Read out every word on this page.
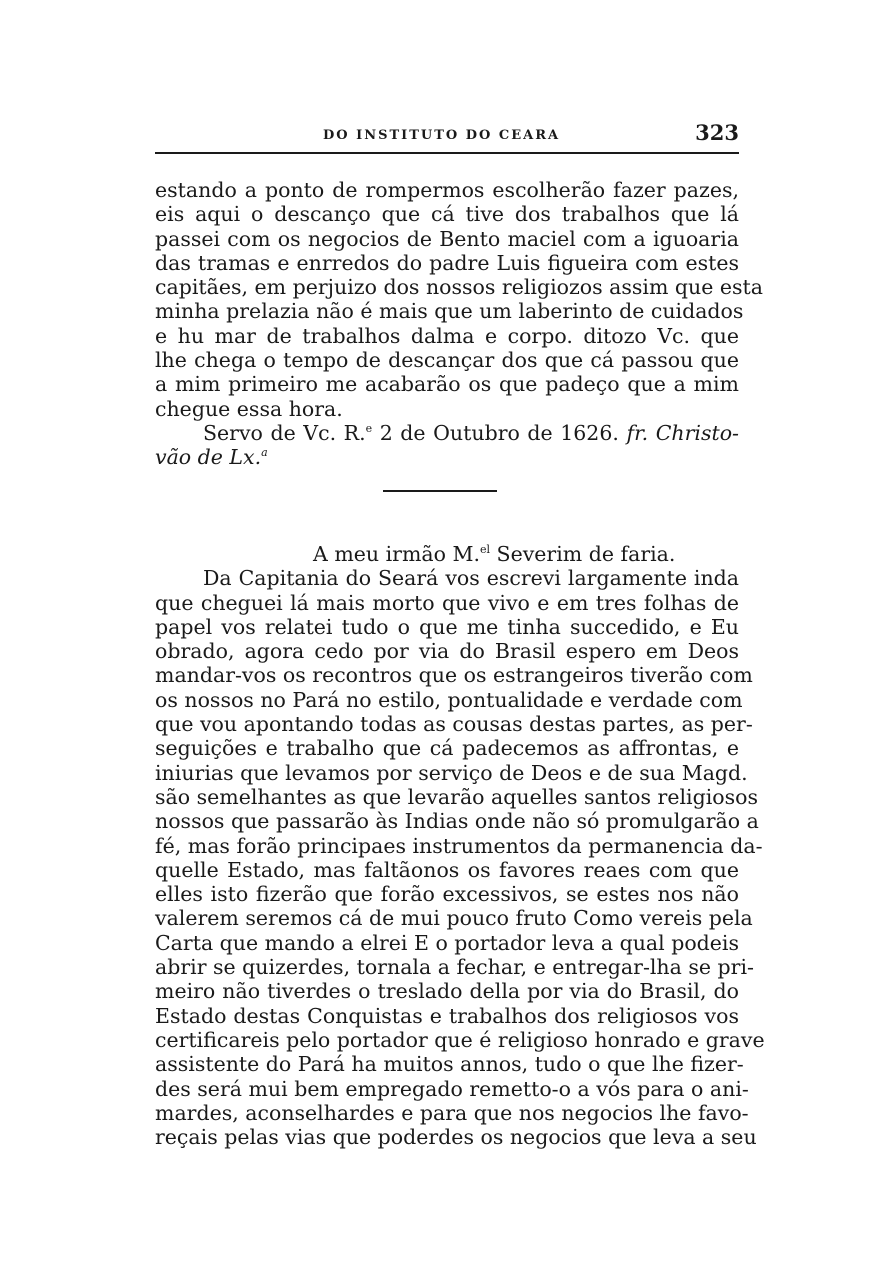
DO INSTITUTO DO CEARA	323
estando a ponto de rompermos escolherão fazer pazes,
eis aqui o descanço que cá tive dos trabalhos que lá
passei com os negocios de Bento maciel com a iguoaria
das tramas e enrredos do padre Luis figueira com estes
capitães, em perjuizo dos nossos religiozos assim que esta
minha prelazia não é mais que um laberinto de cuidados
e hu mar de trabalhos dalma e corpo. ditozo Vc. que
lhe chega o tempo de descançar dos que cá passou que
a mim primeiro me acabarão os que padeço que a mim
chegue essa hora.
Servo de Vc. R.$^e$ 2 de Outubro de 1626. fr. Christo-
vão de Lx.$^a$
A meu irmão M.$^{el}$ Severim de faria.
Da Capitania do Seará vos escrevi largamente inda
que cheguei lá mais morto que vivo e em tres folhas de
papel vos relatei tudo o que me tinha succedido, e Eu
obrado, agora cedo por via do Brasil espero em Deos
mandar-vos os recontros que os estrangeiros tiverão com
os nossos no Pará no estilo, pontualidade e verdade com
que vou apontando todas as cousas destas partes, as per-
seguições e trabalho que cá padecemos as affrontas, e
iniurias que levamos por serviço de Deos e de sua Magd.
são semelhantes as que levarão aquelles santos religiosos
nossos que passarão às Indias onde não só promulgarão a
fé, mas forão principaes instrumentos da permanencia da-
quelle Estado, mas faltãonos os favores reaes com que
elles isto fizerão que forão excessivos, se estes nos não
valerem seremos cá de mui pouco fruto Como vereis pela
Carta que mando a elrei E o portador leva a qual podeis
abrir se quizerdes, tornala a fechar, e entregar-lha se pri-
meiro não tiverdes o treslado della por via do Brasil, do
Estado destas Conquistas e trabalhos dos religiosos vos
certificareis pelo portador que é religioso honrado e grave
assistente do Pará ha muitos annos, tudo o que lhe fizer-
des será mui bem empregado remetto-o a vós para o ani-
mardes, aconselhardes e para que nos negocios lhe favo-
reçais pelas vias que poderdes os negocios que leva a seu
